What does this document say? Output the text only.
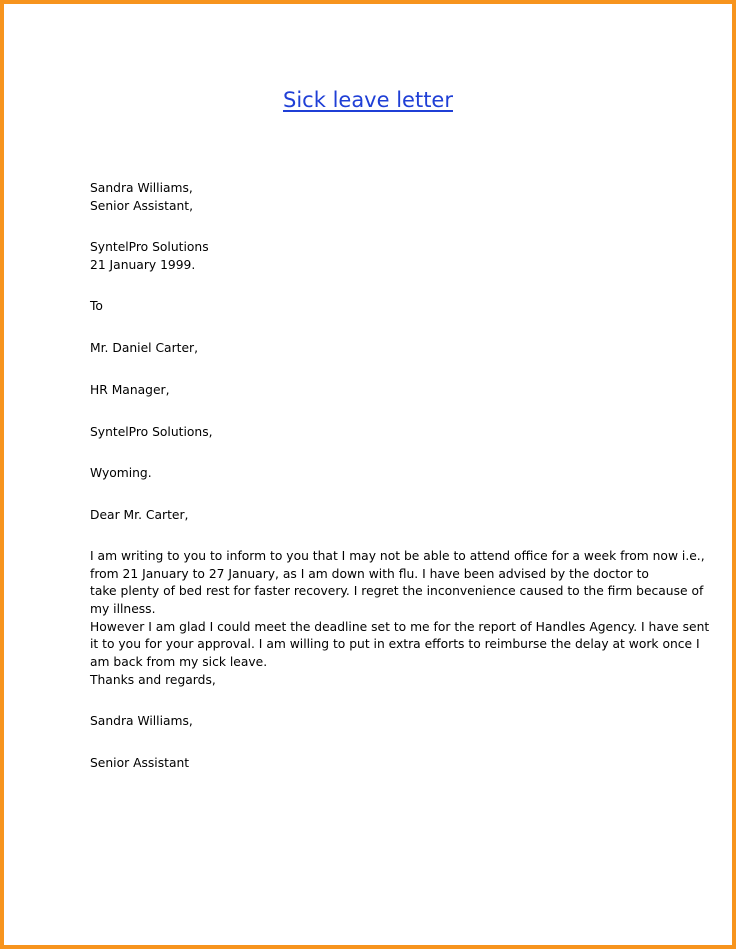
Sick leave letter
Sandra Williams,
Senior Assistant,
SyntelPro Solutions
21 January 1999.
To
Mr. Daniel Carter,
HR Manager,
SyntelPro Solutions,
Wyoming.
Dear Mr. Carter,
I am writing to you to inform to you that I may not be able to attend office for a week from now i.e.,
from 21 January to 27 January, as I am down with flu. I have been advised by the doctor to
take plenty of bed rest for faster recovery. I regret the inconvenience caused to the firm because of
my illness.
However I am glad I could meet the deadline set to me for the report of Handles Agency. I have sent
it to you for your approval. I am willing to put in extra efforts to reimburse the delay at work once I
am back from my sick leave.
Thanks and regards,
Sandra Williams,
Senior Assistant
